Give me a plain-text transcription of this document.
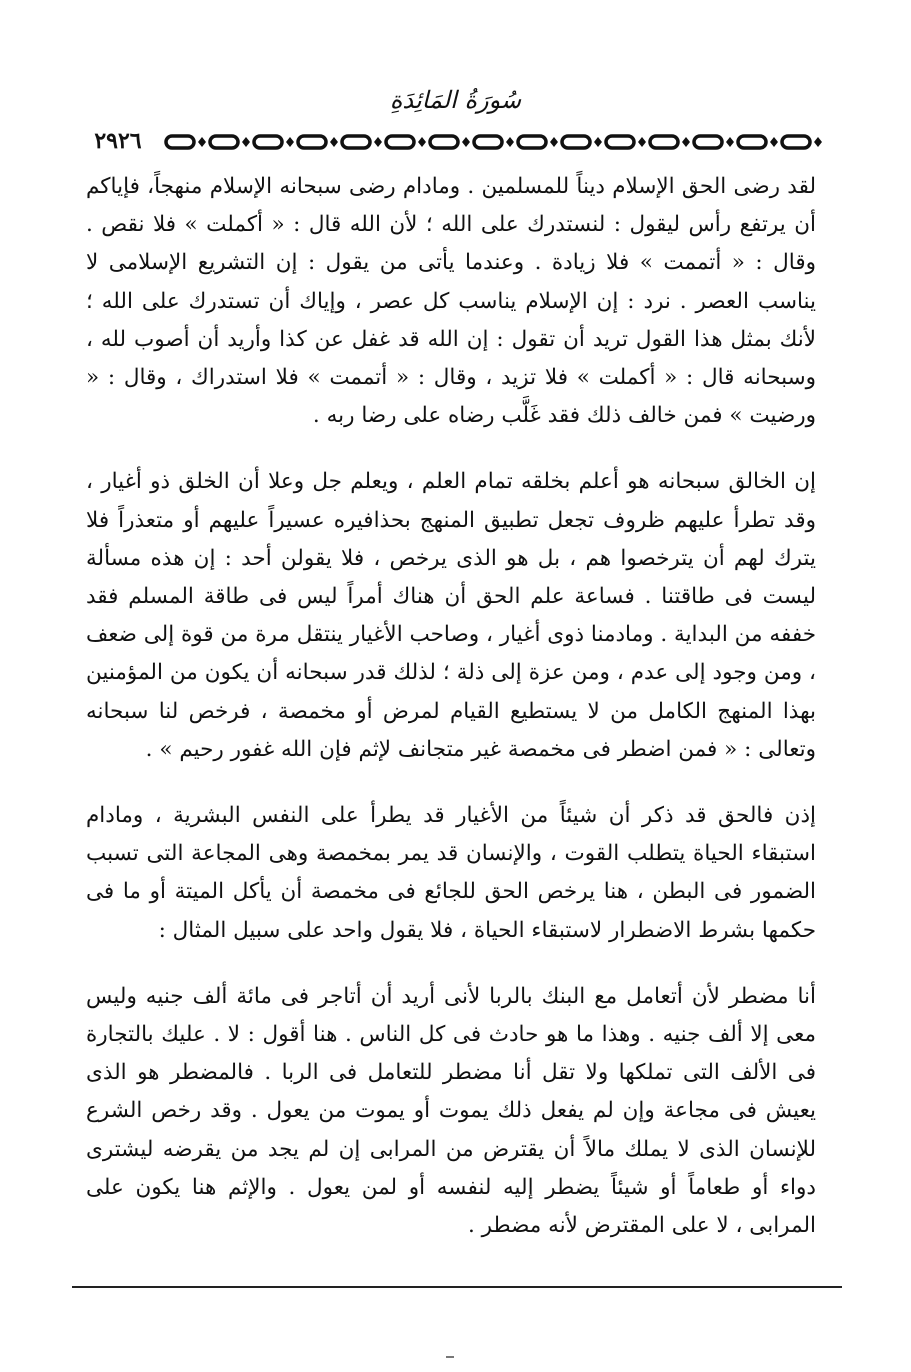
سُورَةُ المَائِدَةِ
٢٩٢٦

لقد رضى الحق الإسلام ديناً للمسلمين . ومادام رضى سبحانه الإسلام منهجاً، فإياكم أن يرتفع رأس ليقول : لنستدرك على الله ؛ لأن الله قال : « أكملت » فلا نقص . وقال : « أتممت » فلا زيادة . وعندما يأتى من يقول : إن التشريع الإسلامى لا يناسب العصر . نرد : إن الإسلام يناسب كل عصر ، وإياك أن تستدرك على الله ؛ لأنك بمثل هذا القول تريد أن تقول : إن الله قد غفل عن كذا وأريد أن أصوب لله ، وسبحانه قال : « أكملت » فلا تزيد ، وقال : « أتممت » فلا استدراك ، وقال : « ورضيت » فمن خالف ذلك فقد غَلَّب رضاه على رضا ربه .

إن الخالق سبحانه هو أعلم بخلقه تمام العلم ، ويعلم جل وعلا أن الخلق ذو أغيار ، وقد تطرأ عليهم ظروف تجعل تطبيق المنهج بحذافيره عسيراً عليهم أو متعذراً فلا يترك لهم أن يترخصوا هم ، بل هو الذى يرخص ، فلا يقولن أحد : إن هذه مسألة ليست فى طاقتنا . فساعة علم الحق أن هناك أمراً ليس فى طاقة المسلم فقد خففه من البداية . ومادمنا ذوى أغيار ، وصاحب الأغيار ينتقل مرة من قوة إلى ضعف ، ومن وجود إلى عدم ، ومن عزة إلى ذلة ؛ لذلك قدر سبحانه أن يكون من المؤمنين بهذا المنهج الكامل من لا يستطيع القيام لمرض أو مخمصة ، فرخص لنا سبحانه وتعالى : « فمن اضطر فى مخمصة غير متجانف لإثم فإن الله غفور رحيم » .

إذن فالحق قد ذكر أن شيئاً من الأغيار قد يطرأ على النفس البشرية ، ومادام استبقاء الحياة يتطلب القوت ، والإنسان قد يمر بمخمصة وهى المجاعة التى تسبب الضمور فى البطن ، هنا يرخص الحق للجائع فى مخمصة أن يأكل الميتة أو ما فى حكمها بشرط الاضطرار لاستبقاء الحياة ، فلا يقول واحد على سبيل المثال :

أنا مضطر لأن أتعامل مع البنك بالربا لأنى أريد أن أتاجر فى مائة ألف جنيه وليس معى إلا ألف جنيه . وهذا ما هو حادث فى كل الناس . هنا أقول : لا . عليك بالتجارة فى الألف التى تملكها ولا تقل أنا مضطر للتعامل فى الربا . فالمضطر هو الذى يعيش فى مجاعة وإن لم يفعل ذلك يموت أو يموت من يعول . وقد رخص الشرع للإنسان الذى لا يملك مالاً أن يقترض من المرابى إن لم يجد من يقرضه ليشترى دواء أو طعاماً أو شيئاً يضطر إليه لنفسه أو لمن يعول . والإثم هنا يكون على المرابى ، لا على المقترض لأنه مضطر .
